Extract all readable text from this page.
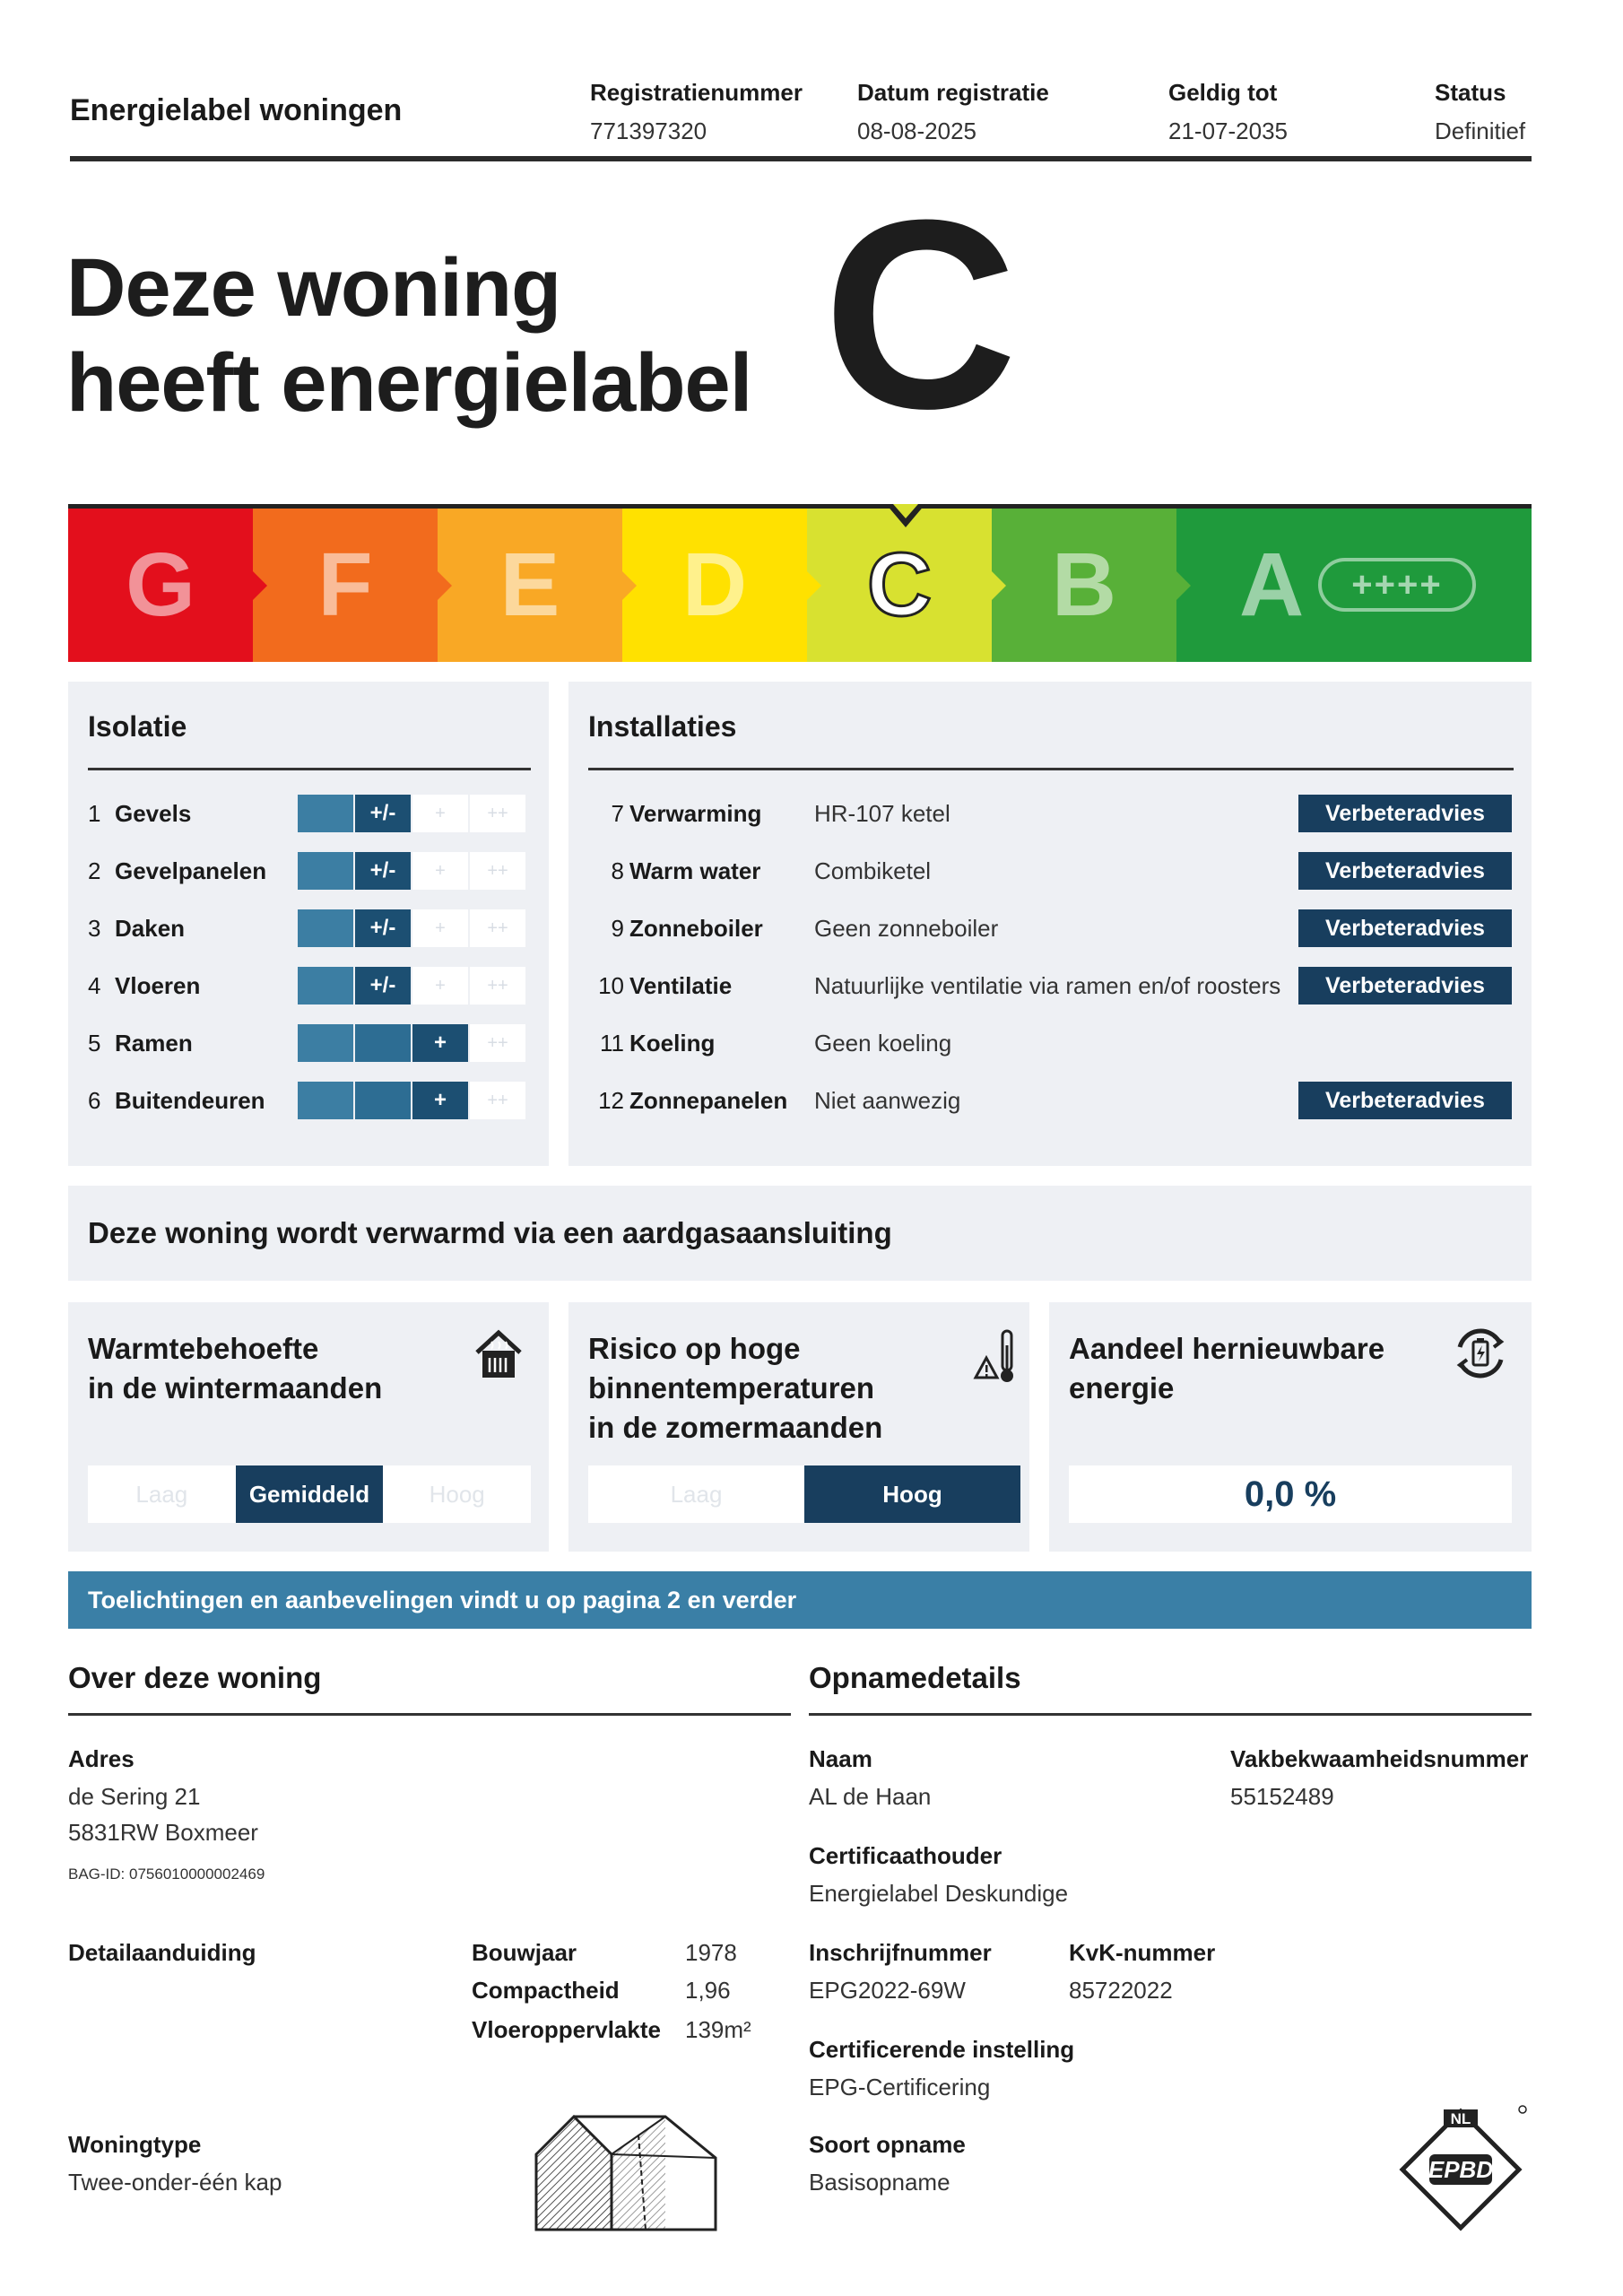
Energielabel woningen
Registratienummer
771397320
Datum registratie
08-08-2025
Geldig tot
21-07-2035
Status
Definitief
Deze woning
heeft energielabel C
G F E D C B A	++++
Isolatie
1 Gevels	+/-	+	++
2 Gevelpanelen	+/-	+	++
3 Daken	+/-	+	++
4 Vloeren	+/-	+	++
5 Ramen	+	++
6 Buitendeuren	+	++
Installaties
7 Verwarming HR-107 ketel	Verbeteradvies
8 Warm water Combiketel	Verbeteradvies
9 Zonneboiler Geen zonneboiler	Verbeteradvies
10 Ventilatie	Natuurlijke ventilatie via ramen en/of roosters	Verbeteradvies
11 Koeling	Geen koeling
12 Zonnepanelen Niet aanwezig	Verbeteradvies
Deze woning wordt verwarmd via een aardgasaansluiting
Warmtebehoefte
in de wintermaanden
Laag	Gemiddeld	Hoog
Risico op hoge
binnentemperaturen
in de zomermaanden
Laag	Hoog
Aandeel hernieuwbare
energie
0,0 %
Toelichtingen en aanbevelingen vindt u op pagina 2 en verder
Over deze woning
Adres
de Sering 21
5831RW Boxmeer
BAG-ID: 0756010000002469
Detailaanduiding	Bouwjaar	1978
Compactheid	1,96
Vloeroppervlakte 139m²
Woningtype
Twee-onder-één kap
Opnamedetails
Naam
AL de Haan
Vakbekwaamheidsnummer
55152489
Certificaathouder
Energielabel Deskundige
Inschrijfnummer
EPG2022-69W
KvK-nummer
85722022
Certificerende instelling
EPG-Certificering
Soort opname
Basisopname
NL
EPBD
